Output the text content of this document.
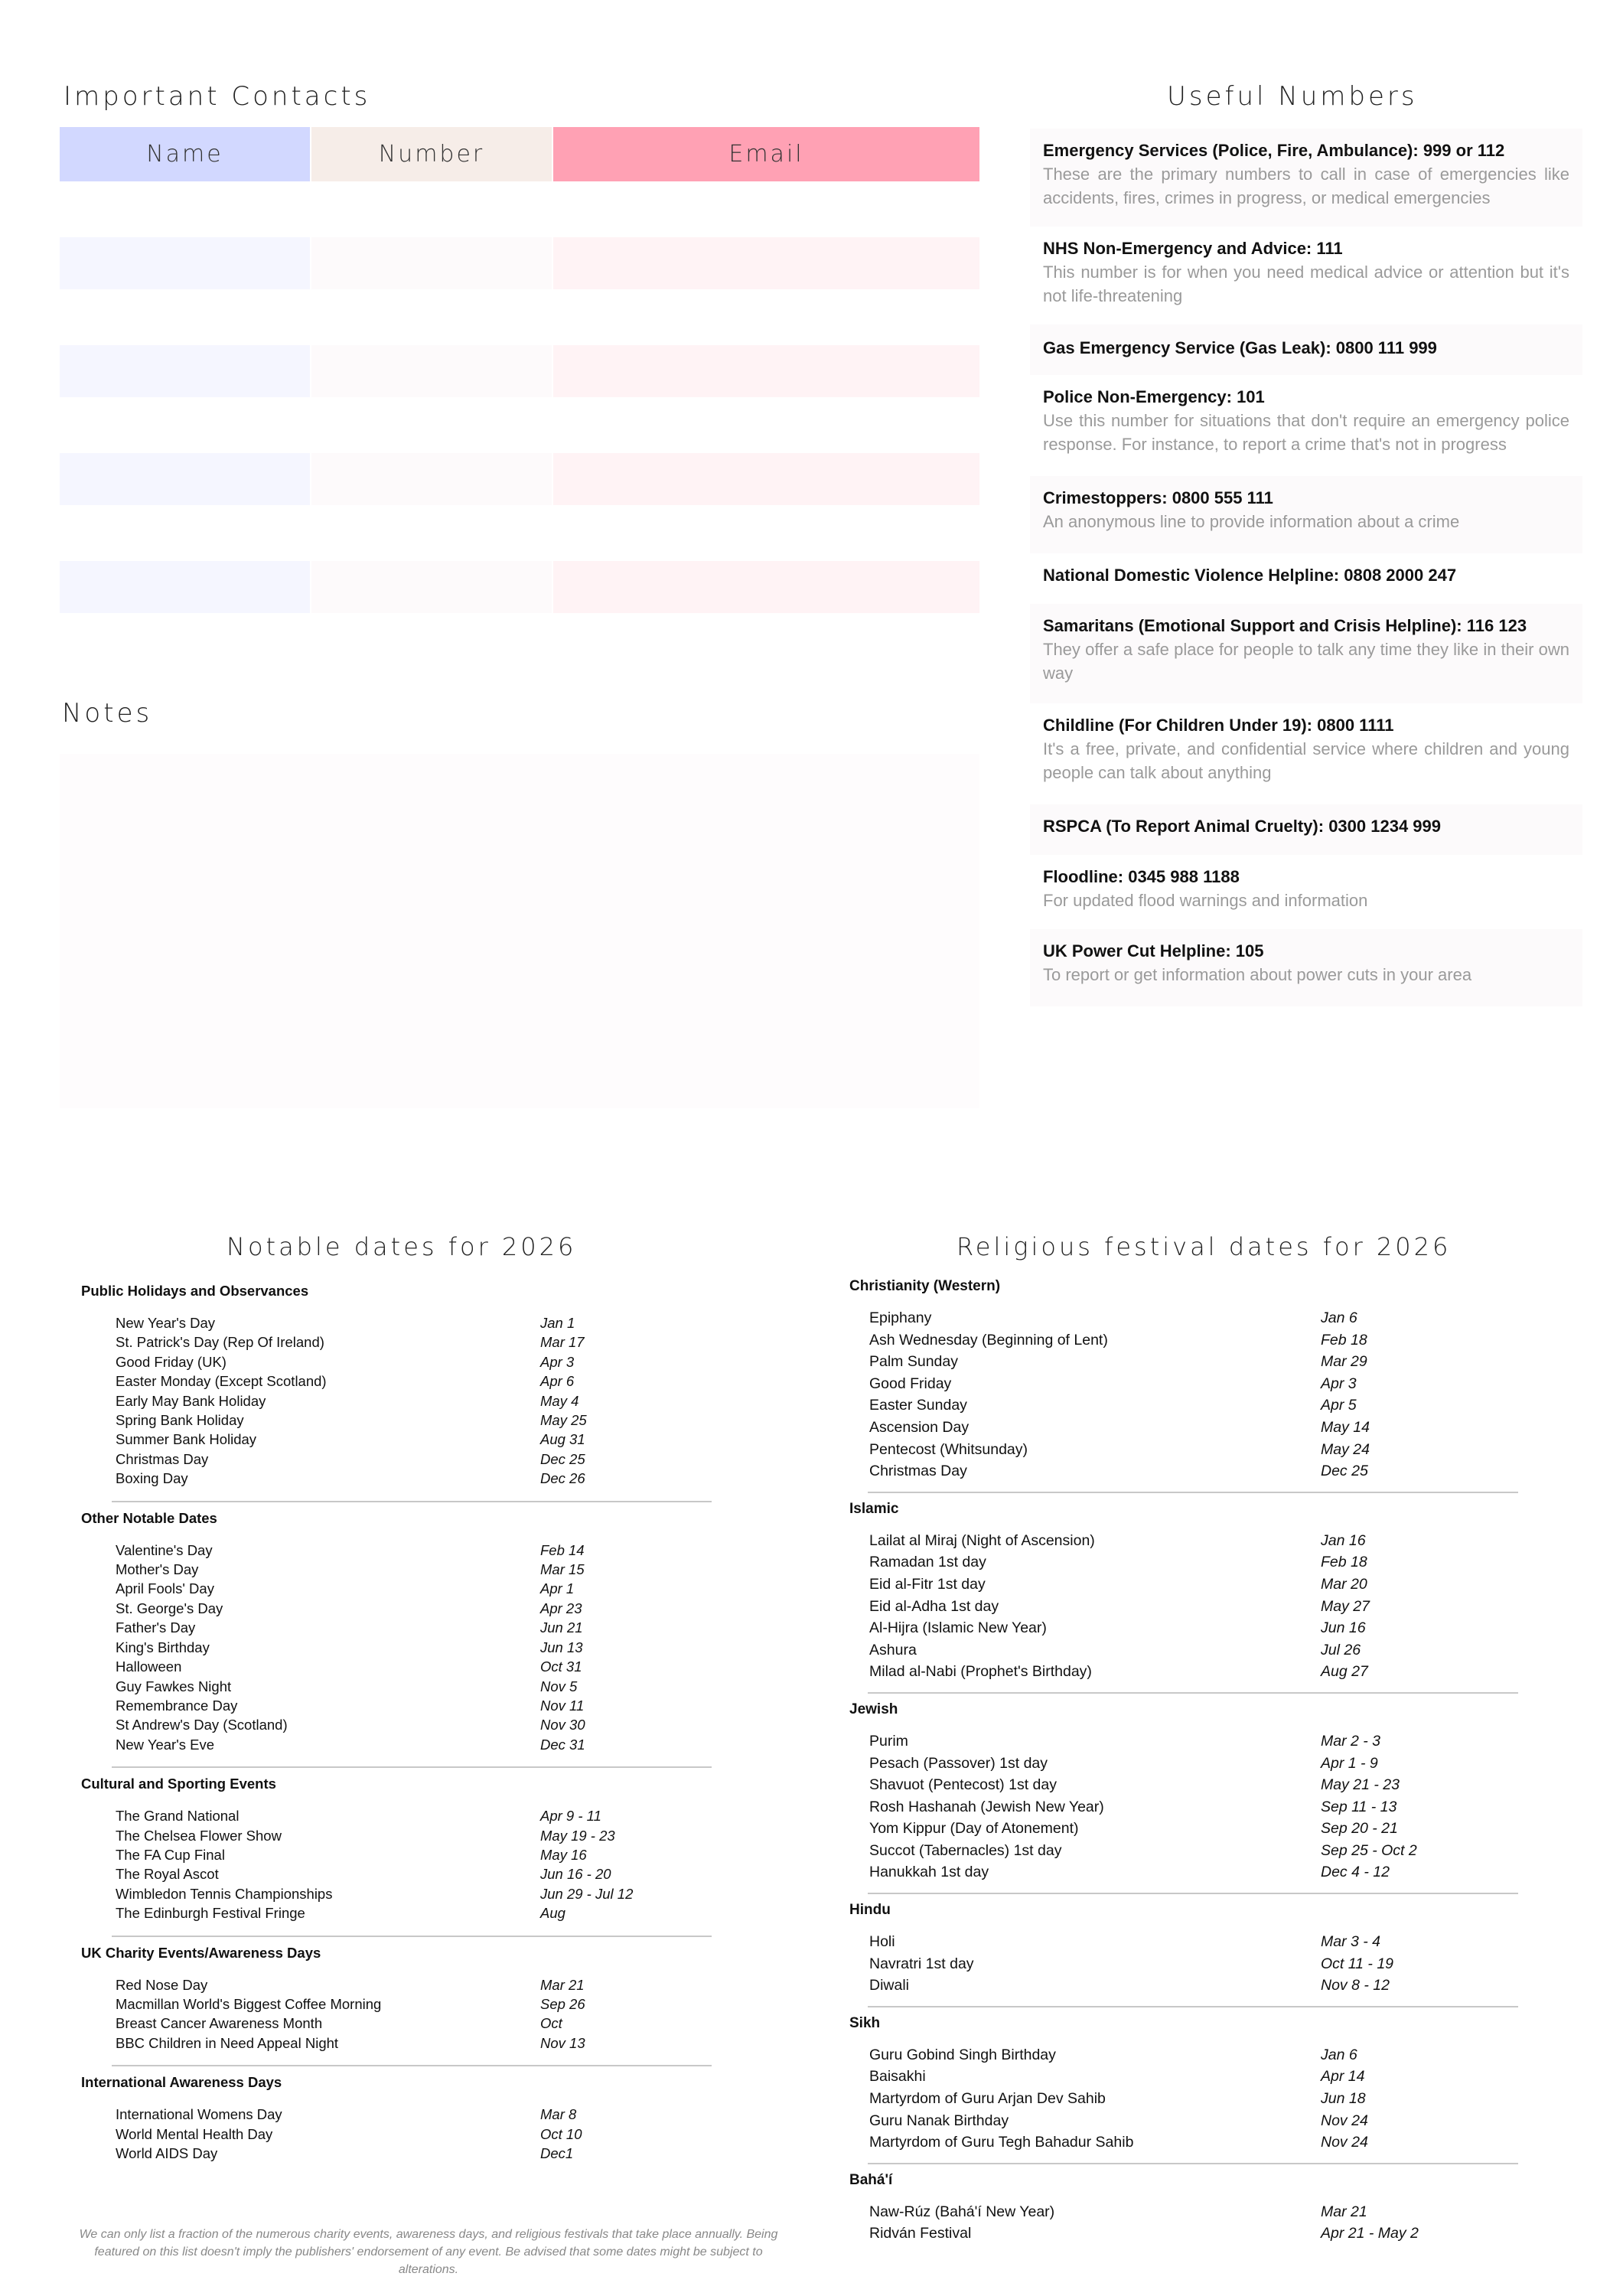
Important Contacts
Name	Number	Email
Notes
Useful Numbers
Emergency Services (Police, Fire, Ambulance): 999 or 112
These are the primary numbers to call in case of emergencies like accidents, fires, crimes in progress, or medical emergencies
NHS Non-Emergency and Advice: 111
This number is for when you need medical advice or attention but it's not life-threatening
Gas Emergency Service (Gas Leak): 0800 111 999
Police Non-Emergency: 101
Use this number for situations that don't require an emergency police response. For instance, to report a crime that's not in progress
Crimestoppers: 0800 555 111
An anonymous line to provide information about a crime
National Domestic Violence Helpline: 0808 2000 247
Samaritans (Emotional Support and Crisis Helpline): 116 123
They offer a safe place for people to talk any time they like in their own way
Childline (For Children Under 19): 0800 1111
It's a free, private, and confidential service where children and young people can talk about anything
RSPCA (To Report Animal Cruelty): 0300 1234 999
Floodline: 0345 988 1188
For updated flood warnings and information
UK Power Cut Helpline: 105
To report or get information about power cuts in your area
Notable dates for 2026
Public Holidays and Observances
New Year's Day	Jan 1
St. Patrick's Day (Rep Of Ireland)	Mar 17
Good Friday (UK)	Apr 3
Easter Monday (Except Scotland)	Apr 6
Early May Bank Holiday	May 4
Spring Bank Holiday	May 25
Summer Bank Holiday	Aug 31
Christmas Day	Dec 25
Boxing Day	Dec 26
Other Notable Dates
Valentine's Day	Feb 14
Mother's Day	Mar 15
April Fools' Day	Apr 1
St. George's Day	Apr 23
Father's Day	Jun 21
King's Birthday	Jun 13
Halloween	Oct 31
Guy Fawkes Night	Nov 5
Remembrance Day	Nov 11
St Andrew's Day (Scotland)	Nov 30
New Year's Eve	Dec 31
Cultural and Sporting Events
The Grand National	Apr 9 - 11
The Chelsea Flower Show	May 19 - 23
The FA Cup Final	May 16
The Royal Ascot	Jun 16 - 20
Wimbledon Tennis Championships	Jun 29 - Jul 12
The Edinburgh Festival Fringe	Aug
UK Charity Events/Awareness Days
Red Nose Day	Mar 21
Macmillan World's Biggest Coffee Morning	Sep 26
Breast Cancer Awareness Month	Oct
BBC Children in Need Appeal Night	Nov 13
International Awareness Days
International Womens Day	Mar 8
World Mental Health Day	Oct 10
World AIDS Day	Dec1
Religious festival dates for 2026
Christianity (Western)
Epiphany	Jan 6
Ash Wednesday (Beginning of Lent)	Feb 18
Palm Sunday	Mar 29
Good Friday	Apr 3
Easter Sunday	Apr 5
Ascension Day	May 14
Pentecost (Whitsunday)	May 24
Christmas Day	Dec 25
Islamic
Lailat al Miraj (Night of Ascension)	Jan 16
Ramadan 1st day	Feb 18
Eid al-Fitr 1st day	Mar 20
Eid al-Adha 1st day	May 27
Al-Hijra (Islamic New Year)	Jun 16
Ashura	Jul 26
Milad al-Nabi (Prophet's Birthday)	Aug 27
Jewish
Purim	Mar 2 - 3
Pesach (Passover) 1st day	Apr 1 - 9
Shavuot (Pentecost) 1st day	May 21 - 23
Rosh Hashanah (Jewish New Year)	Sep 11 - 13
Yom Kippur (Day of Atonement)	Sep 20 - 21
Succot (Tabernacles) 1st day	Sep 25 - Oct 2
Hanukkah 1st day	Dec 4 - 12
Hindu
Holi	Mar 3 - 4
Navratri 1st day	Oct 11 - 19
Diwali	Nov 8 - 12
Sikh
Guru Gobind Singh Birthday	Jan 6
Baisakhi	Apr 14
Martyrdom of Guru Arjan Dev Sahib	Jun 18
Guru Nanak Birthday	Nov 24
Martyrdom of Guru Tegh Bahadur Sahib	Nov 24
Bahá'í
Naw-Rúz (Bahá'í New Year)	Mar 21
Ridván Festival	Apr 21 - May 2
We can only list a fraction of the numerous charity events, awareness days, and religious festivals that take place annually. Being featured on this list doesn't imply the publishers' endorsement of any event. Be advised that some dates might be subject to alterations.
